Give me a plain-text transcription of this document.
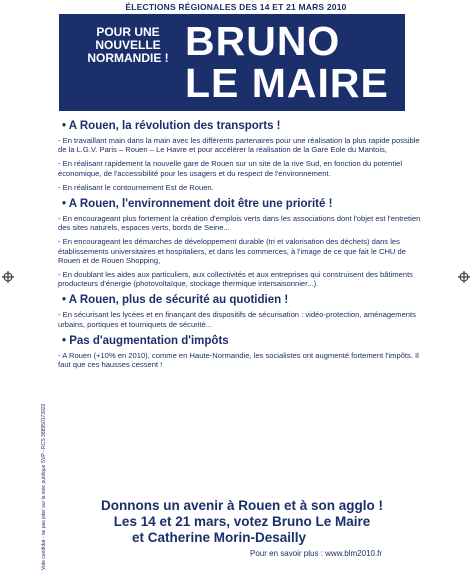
ÉLECTIONS RÉGIONALES DES 14 ET 21 MARS 2010
POUR UNE
NOUVELLE
NORMANDIE ! BRUNO
LE MAIRE
• A Rouen, la révolution des transports !

- En travaillant main dans la main avec les différents partenaires pour une réalisation la plus rapide possible de la L.G.V. Paris – Rouen – Le Havre et pour accélérer la réalisation de la Gare Eole du Mantois,

- En réalisant rapidement la nouvelle gare de Rouen sur un site de la rive Sud, en fonction du potentiel économique, de l'accessibilité pour les usagers et du respect de l'environnement.

- En réalisant le contournement Est de Rouen.

• A Rouen, l'environnement doit être une priorité !

- En encourageant plus fortement la création d'emplois verts dans les associations dont l'objet est l'entretien des sites naturels, espaces verts, bords de Seine...

- En encourageant les démarches de développement durable (tri et valorisation des déchets) dans les établissements universitaires et hospitaliers, et dans les commerces, à l'image de ce que fait le CHU de Rouen et de Rouen Shopping,

- En doublant les aides aux particuliers, aux collectivités et aux entreprises qui construisent des bâtiments producteurs d'énergie (photovoltaïque, stockage thermique intersaisonnier...).

• A Rouen, plus de sécurité au quotidien !

- En sécurisant les lycées et en finançant des dispositifs de sécurisation : vidéo-protection, aménagements urbains, portiques et tourniquets de sécurité...

• Pas d'augmentation d'impôts

- A Rouen (+10% en 2010), comme en Haute-Normandie, les socialistes ont augmenté fortement l'impôts. Il faut que ces hausses cessent !

Donnons un avenir à Rouen et à son agglo !
Les 14 et 21 mars, votez Bruno Le Maire
et Catherine Morin-Desailly
Pour en savoir plus : www.blm2010.fr
Vote candidat - ne pas jeter sur la voie publique SVP - RCS 388950173022
